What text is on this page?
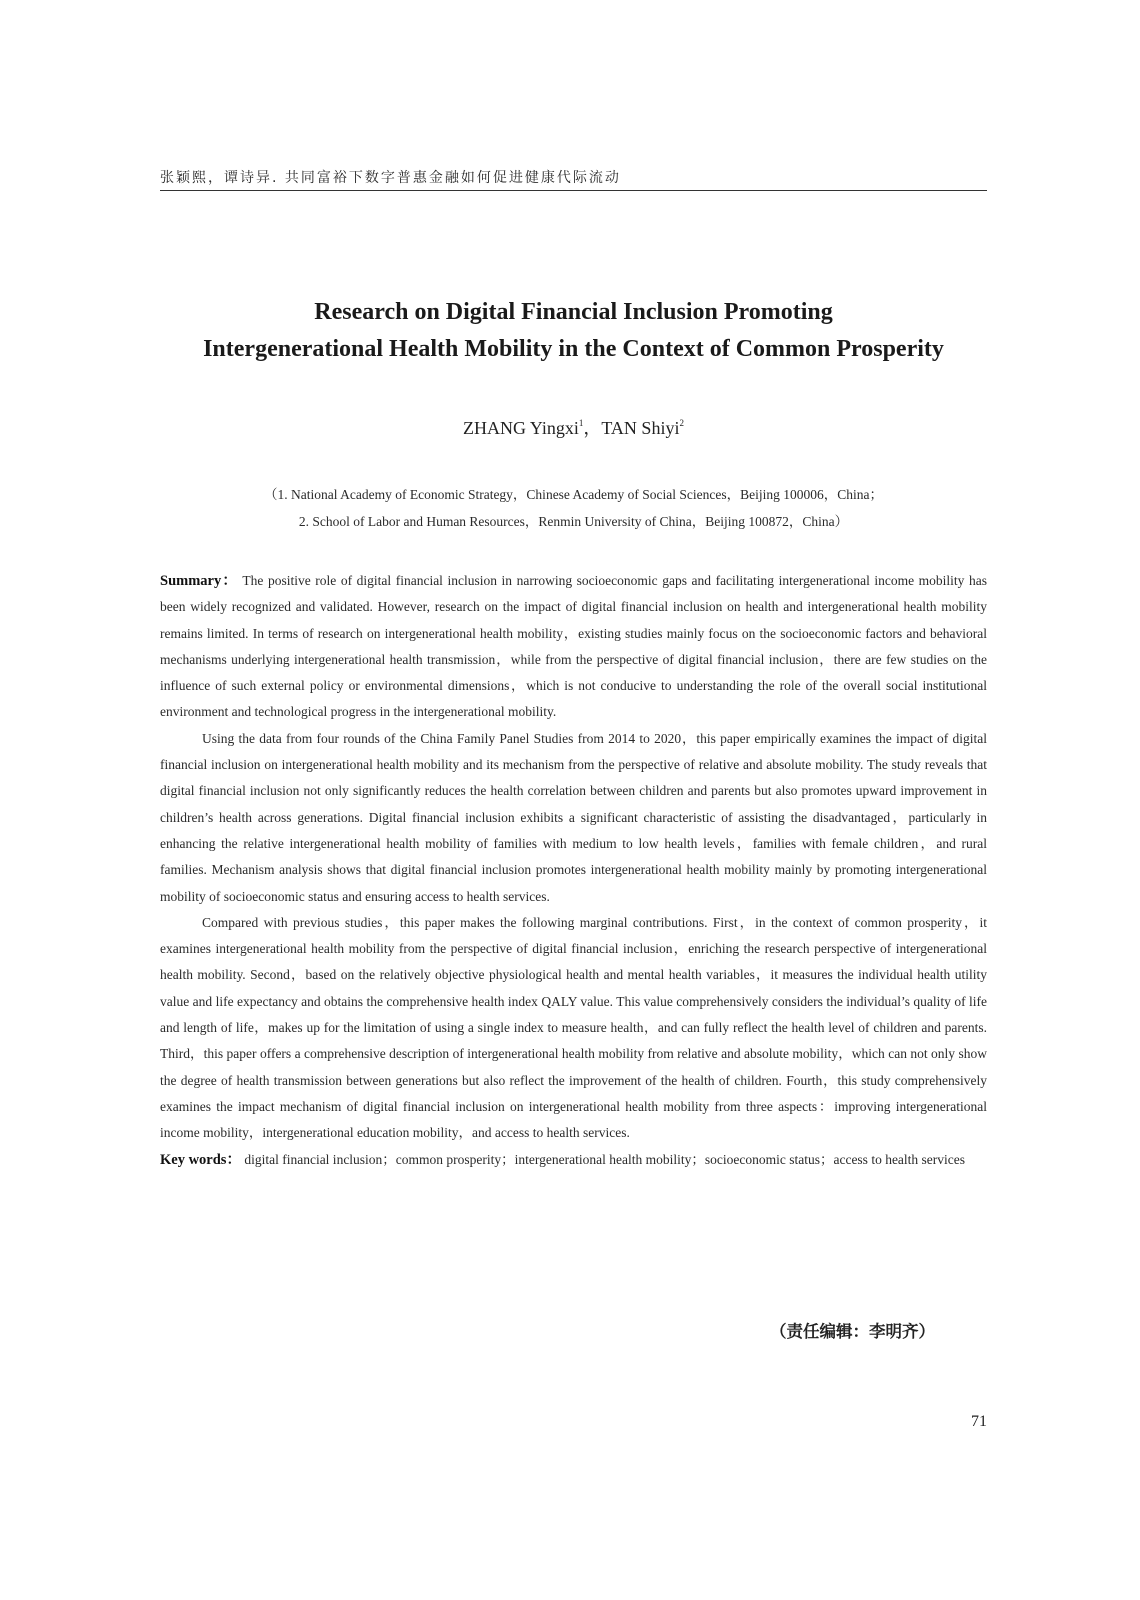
张颖熙，谭诗异. 共同富裕下数字普惠金融如何促进健康代际流动
Research on Digital Financial Inclusion Promoting
Intergenerational Health Mobility in the Context of Common Prosperity
ZHANG Yingxi$^1$，TAN Shiyi$^2$
（1. National Academy of Economic Strategy，Chinese Academy of Social Sciences，Beijing 100006，China；
2. School of Labor and Human Resources，Renmin University of China，Beijing 100872，China）

Summary： The positive role of digital financial inclusion in narrowing socioeconomic gaps and facilitating intergenerational income mobility has been widely recognized and validated. However, research on the impact of digital financial inclusion on health and intergenerational health mobility remains limited. In terms of research on intergenerational health mobility，existing studies mainly focus on the socioeconomic factors and behavioral mechanisms underlying intergenerational health transmission，while from the perspective of digital financial inclusion，there are few studies on the influence of such external policy or environmental dimensions，which is not conducive to understanding the role of the overall social institutional environment and technological progress in the intergenerational mobility.

Using the data from four rounds of the China Family Panel Studies from 2014 to 2020，this paper empirically examines the impact of digital financial inclusion on intergenerational health mobility and its mechanism from the perspective of relative and absolute mobility. The study reveals that digital financial inclusion not only significantly reduces the health correlation between children and parents but also promotes upward improvement in children’s health across generations. Digital financial inclusion exhibits a significant characteristic of assisting the disadvantaged，particularly in enhancing the relative intergenerational health mobility of families with medium to low health levels，families with female children，and rural families. Mechanism analysis shows that digital financial inclusion promotes intergenerational health mobility mainly by promoting intergenerational mobility of socioeconomic status and ensuring access to health services.

Compared with previous studies，this paper makes the following marginal contributions. First，in the context of common prosperity，it examines intergenerational health mobility from the perspective of digital financial inclusion，enriching the research perspective of intergenerational health mobility. Second，based on the relatively objective physiological health and mental health variables，it measures the individual health utility value and life expectancy and obtains the comprehensive health index QALY value. This value comprehensively considers the individual’s quality of life and length of life，makes up for the limitation of using a single index to measure health，and can fully reflect the health level of children and parents. Third，this paper offers a comprehensive description of intergenerational health mobility from relative and absolute mobility，which can not only show the degree of health transmission between generations but also reflect the improvement of the health of children. Fourth，this study comprehensively examines the impact mechanism of digital financial inclusion on intergenerational health mobility from three aspects：improving intergenerational income mobility，intergenerational education mobility，and access to health services.

Key words： digital financial inclusion；common prosperity；intergenerational health mobility；socioeconomic status；access to health services

（责任编辑：李明齐）
71
